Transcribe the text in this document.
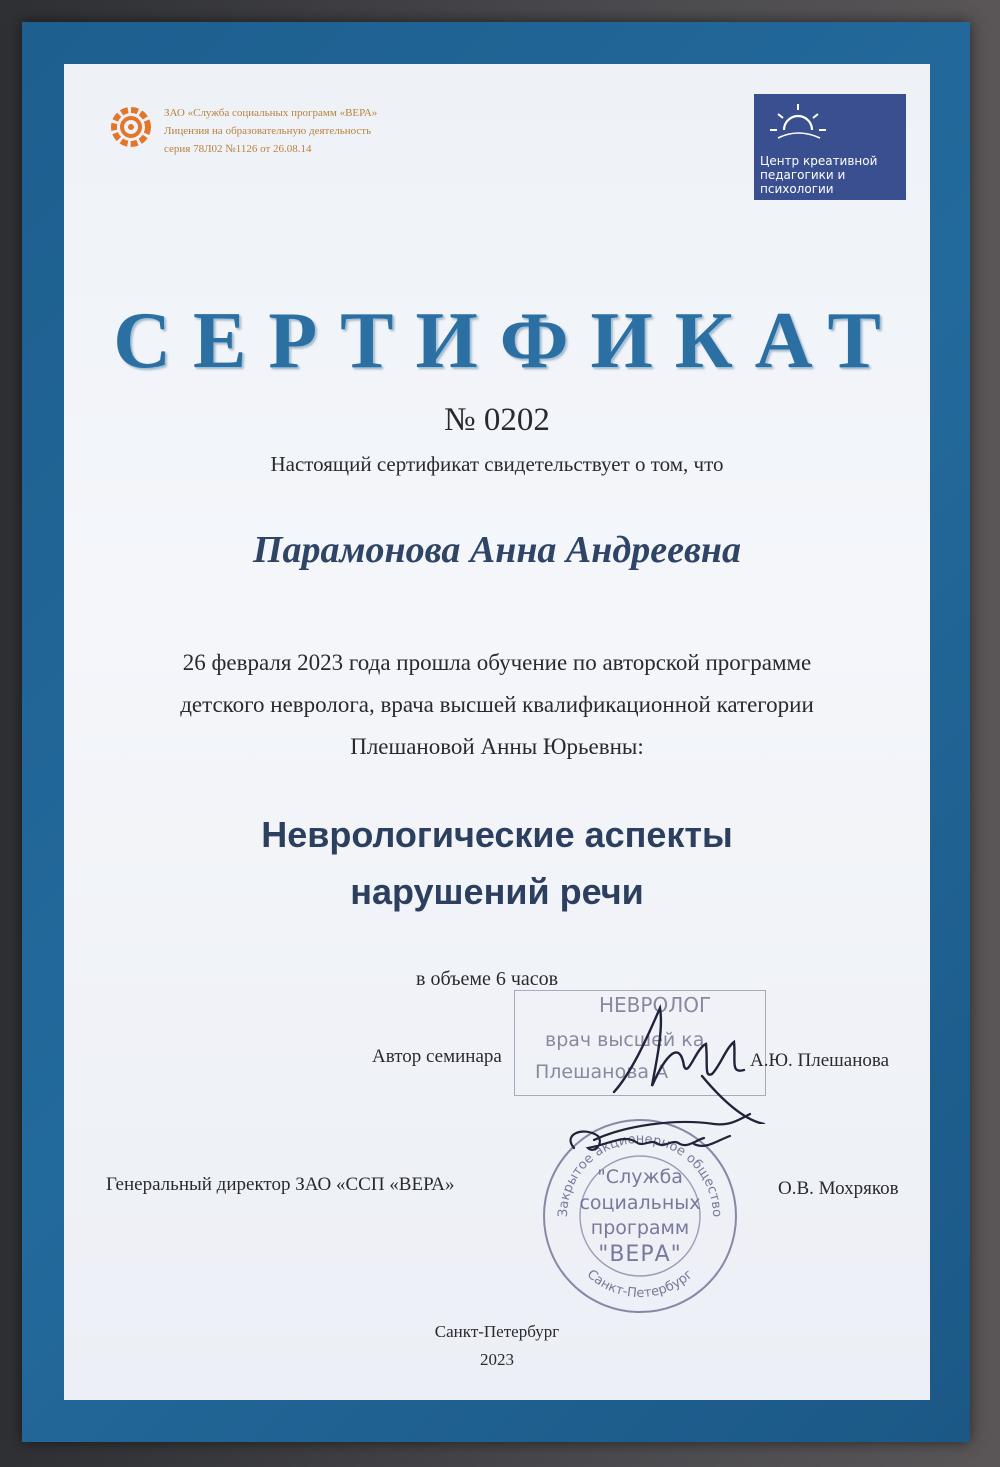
ЗАО «Служба социальных программ «ВЕРА»
Лицензия на образовательную деятельность
серия 78Л02 №1126 от 26.08.14
Центр креативной
педагогики и
психологии
СЕРТИФИКАТ
№ 0202
Настоящий сертификат свидетельствует о том, что
Парамонова Анна Андреевна
26 февраля 2023 года прошла обучение по авторской программе
детского невролога, врача высшей квалификационной категории
Плешановой Анны Юрьевны:
Неврологические аспекты
нарушений речи
в объеме 6 часов
НЕВРОЛОГ
врач высшей ка
Плешанова А
Автор семинара	А.Ю. Плешанова
Генеральный директор ЗАО «ССП «ВЕРА»	О.В. Мохряков
Закрытое акционерное общество
Санкт-Петербург
"Служба
социальных
программ
"ВЕРА"
Санкт-Петербург
2023
